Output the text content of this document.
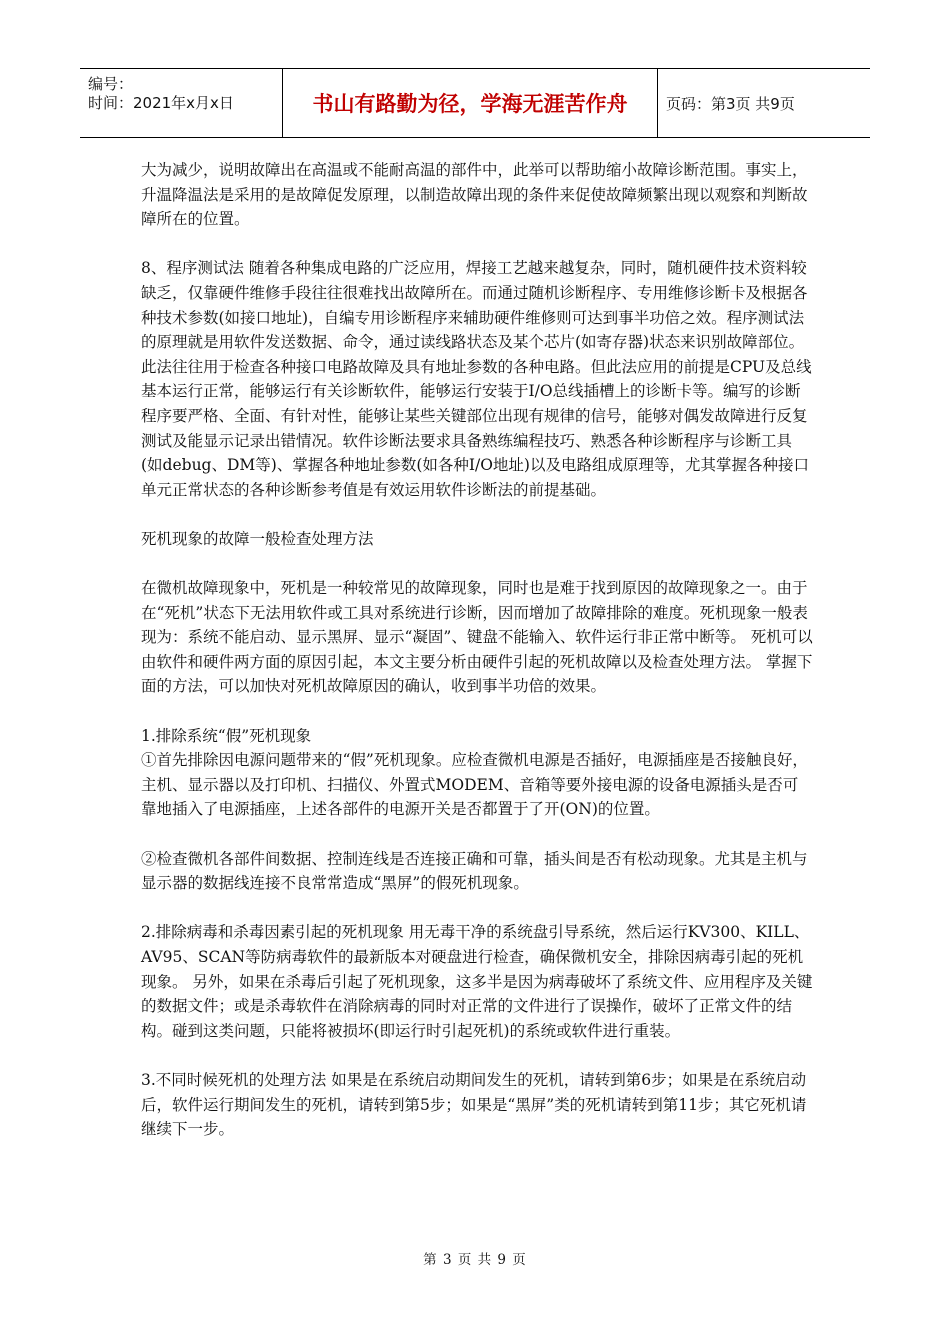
编号：
时间：2021年x月x日	书山有路勤为径，学海无涯苦作舟	页码：第3页 共9页

大为减少，说明故障出在高温或不能耐高温的部件中，此举可以帮助缩小故障诊断范围。事实上，升温降温法是采用的是故障促发原理，以制造故障出现的条件来促使故障频繁出现以观察和判断故障所在的位置。

8、程序测试法 随着各种集成电路的广泛应用，焊接工艺越来越复杂，同时，随机硬件技术资料较缺乏，仅靠硬件维修手段往往很难找出故障所在。而通过随机诊断程序、专用维修诊断卡及根据各种技术参数(如接口地址)，自编专用诊断程序来辅助硬件维修则可达到事半功倍之效。程序测试法的原理就是用软件发送数据、命令，通过读线路状态及某个芯片(如寄存器)状态来识别故障部位。此法往往用于检查各种接口电路故障及具有地址参数的各种电路。但此法应用的前提是CPU及总线基本运行正常，能够运行有关诊断软件，能够运行安装于I/O总线插槽上的诊断卡等。编写的诊断程序要严格、全面、有针对性，能够让某些关键部位出现有规律的信号，能够对偶发故障进行反复测试及能显示记录出错情况。软件诊断法要求具备熟练编程技巧、熟悉各种诊断程序与诊断工具(如debug、DM等)、掌握各种地址参数(如各种I/O地址)以及电路组成原理等，尤其掌握各种接口单元正常状态的各种诊断参考值是有效运用软件诊断法的前提基础。

死机现象的故障一般检查处理方法

在微机故障现象中，死机是一种较常见的故障现象，同时也是难于找到原因的故障现象之一。由于在“死机”状态下无法用软件或工具对系统进行诊断，因而增加了故障排除的难度。死机现象一般表现为：系统不能启动、显示黑屏、显示“凝固”、键盘不能输入、软件运行非正常中断等。 死机可以由软件和硬件两方面的原因引起，本文主要分析由硬件引起的死机故障以及检查处理方法。 掌握下面的方法，可以加快对死机故障原因的确认，收到事半功倍的效果。

1.排除系统“假”死机现象
①首先排除因电源问题带来的“假”死机现象。应检查微机电源是否插好，电源插座是否接触良好，主机、显示器以及打印机、扫描仪、外置式MODEM、音箱等要外接电源的设备电源插头是否可靠地插入了电源插座，上述各部件的电源开关是否都置于了开(ON)的位置。

②检查微机各部件间数据、控制连线是否连接正确和可靠，插头间是否有松动现象。尤其是主机与显示器的数据线连接不良常常造成“黑屏”的假死机现象。

2.排除病毒和杀毒因素引起的死机现象 用无毒干净的系统盘引导系统，然后运行KV300、KILL、AV95、SCAN等防病毒软件的最新版本对硬盘进行检查，确保微机安全，排除因病毒引起的死机现象。 另外，如果在杀毒后引起了死机现象，这多半是因为病毒破坏了系统文件、应用程序及关键的数据文件；或是杀毒软件在消除病毒的同时对正常的文件进行了误操作，破坏了正常文件的结构。碰到这类问题，只能将被损坏(即运行时引起死机)的系统或软件进行重装。

3.不同时候死机的处理方法 如果是在系统启动期间发生的死机，请转到第6步；如果是在系统启动后，软件运行期间发生的死机，请转到第5步；如果是“黑屏”类的死机请转到第11步；其它死机请继续下一步。

第 3 页 共 9 页
